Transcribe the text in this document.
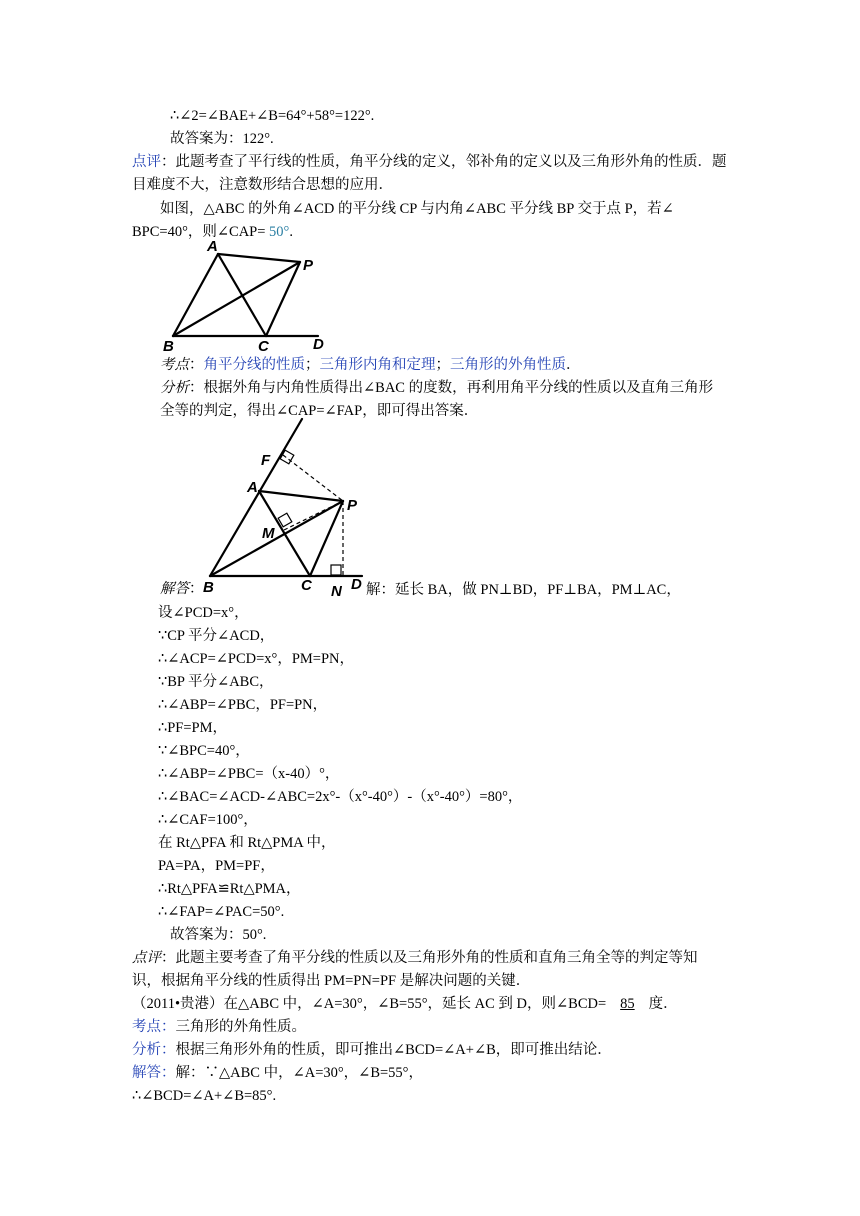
∴∠2=∠BAE+∠B=64°+58°=122°.
故答案为：122°.
点评：此题考查了平行线的性质，角平分线的定义，邻补角的定义以及三角形外角的性质．题
目难度不大，注意数形结合思想的应用．
如图，△ABC 的外角∠ACD 的平分线 CP 与内角∠ABC 平分线 BP 交于点 P，若∠
BPC=40°，则∠CAP= 50°.
A
B	C	D
P
考点：角平分线的性质；三角形内角和定理；三角形的外角性质．
分析：根据外角与内角性质得出∠BAC 的度数，再利用角平分线的性质以及直角三角形
全等的判定，得出∠CAP=∠FAP，即可得出答案．
F
A
M
P
B	C	D
N
解答：	解：延长 BA，做 PN⊥BD，PF⊥BA，PM⊥AC，
设∠PCD=x°，
∵CP 平分∠ACD，
∴∠ACP=∠PCD=x°，PM=PN，
∵BP 平分∠ABC，
∴∠ABP=∠PBC，PF=PN，
∴PF=PM，
∵∠BPC=40°，
∴∠ABP=∠PBC=（x-40）°，
∴∠BAC=∠ACD-∠ABC=2x°-（x°-40°）-（x°-40°）=80°，
∴∠CAF=100°，
在 Rt△PFA 和 Rt△PMA 中，
PA=PA，PM=PF，
∴Rt△PFA≌Rt△PMA，
∴∠FAP=∠PAC=50°.
故答案为：50°.
点评：此题主要考查了角平分线的性质以及三角形外角的性质和直角三角全等的判定等知
识，根据角平分线的性质得出 PM=PN=PF 是解决问题的关键．
（2011•贵港）在△ABC 中，∠A=30°，∠B=55°，延长 AC 到 D，则∠BCD= 85 度．
考点：三角形的外角性质。
分析：根据三角形外角的性质，即可推出∠BCD=∠A+∠B，即可推出结论．
解答：解：∵△ABC 中，∠A=30°，∠B=55°，
∴∠BCD=∠A+∠B=85°.
